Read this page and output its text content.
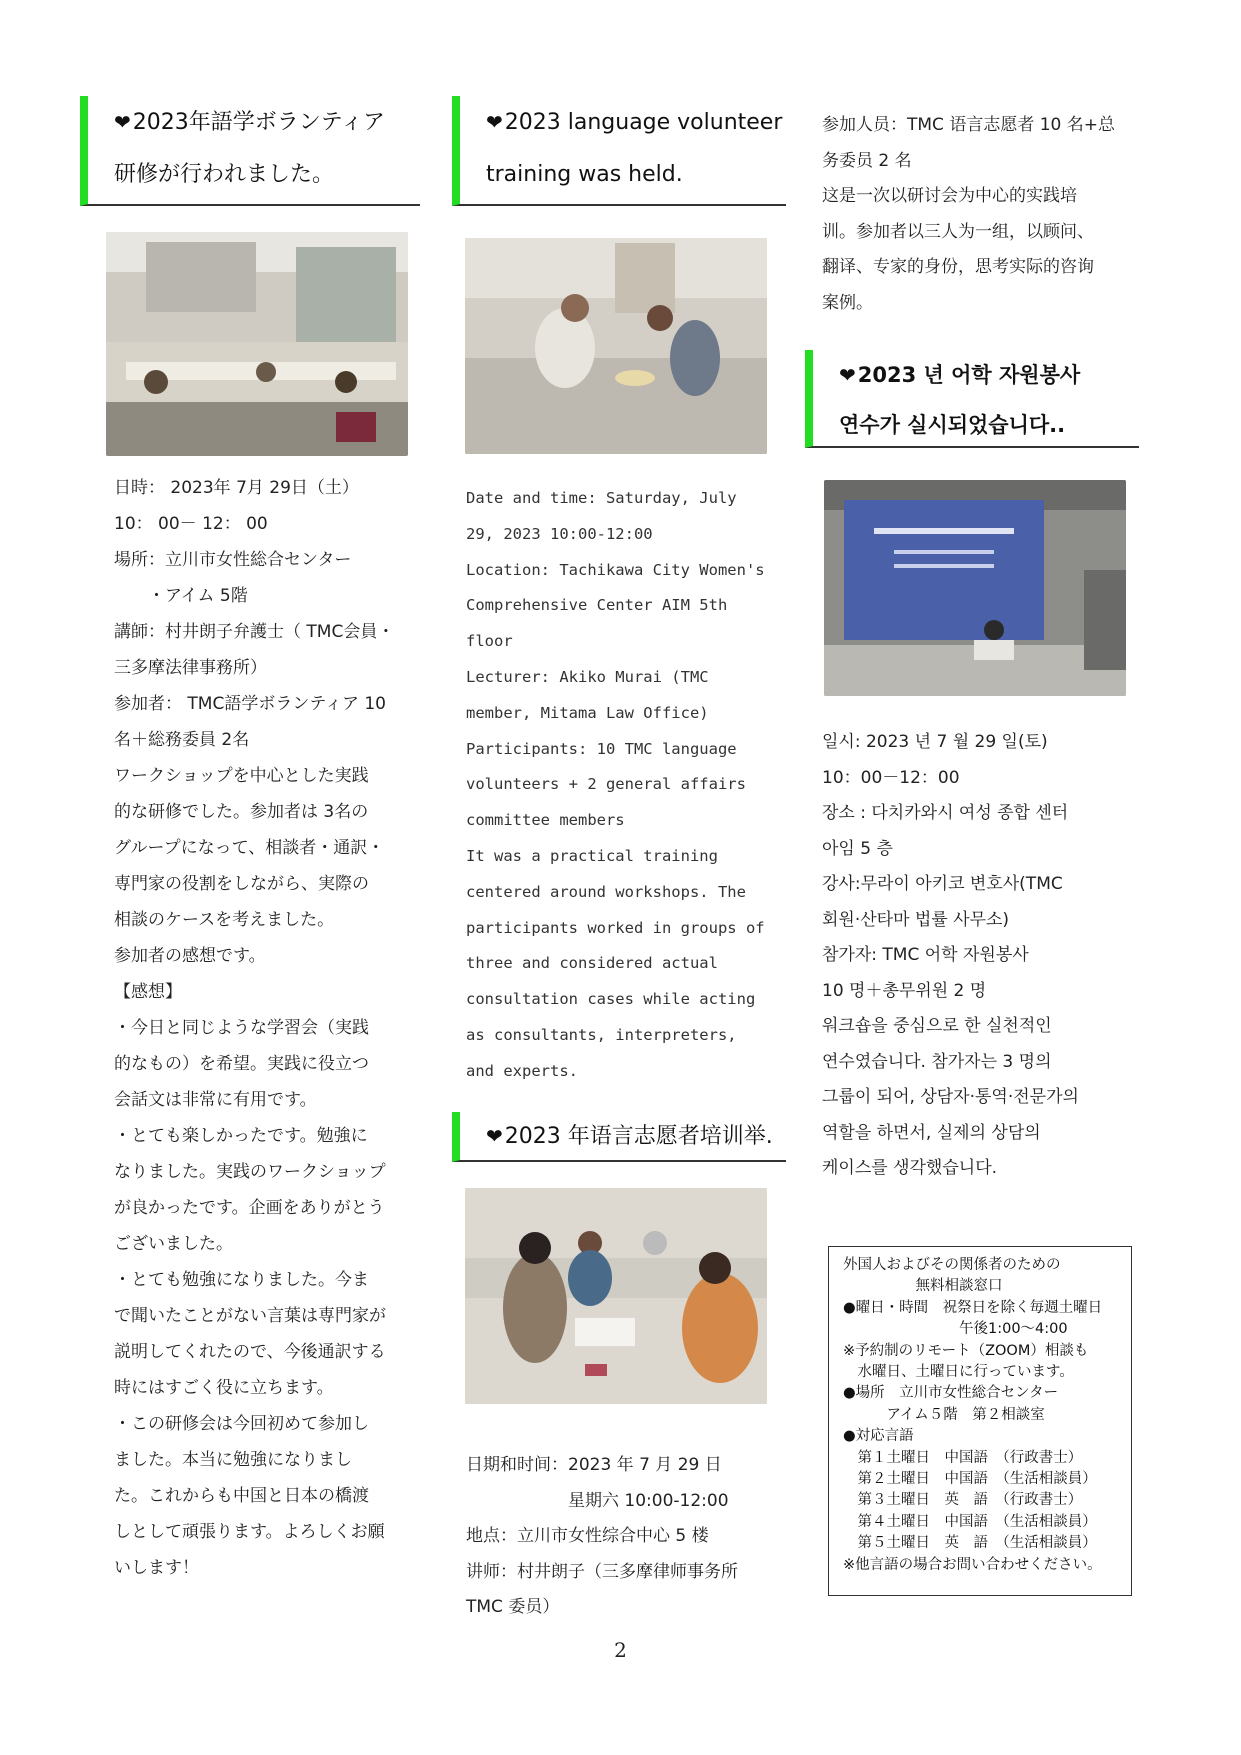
❤2023年語学ボランティア
研修が行われました。
日時： 2023年 7月 29日（土）
10： 00－ 12： 00
場所：立川市女性総合センター
　　・アイム 5階
講師：村井朗子弁護士（ TMC会員・
三多摩法律事務所）
参加者： TMC語学ボランティア 10
名＋総務委員 2名
ワークショップを中心とした実践
的な研修でした。参加者は 3名の
グループになって、相談者・通訳・
専門家の役割をしながら、実際の
相談のケースを考えました。
参加者の感想です。
【感想】
・今日と同じような学習会（実践
的なもの）を希望。実践に役立つ
会話文は非常に有用です。
・とても楽しかったです。勉強に
なりました。実践のワークショップ
が良かったです。企画をありがとう
ございました。
・とても勉強になりました。今ま
で聞いたことがない言葉は専門家が
説明してくれたので、今後通訳する
時にはすごく役に立ちます。
・この研修会は今回初めて参加し
ました。本当に勉強になりまし
た。これからも中国と日本の橋渡
しとして頑張ります。よろしくお願
いします！
❤2023 language volunteer
training was held.
Date and time: Saturday, July
29, 2023 10:00-12:00
Location: Tachikawa City Women's
Comprehensive Center AIM 5th
floor
Lecturer: Akiko Murai (TMC
member, Mitama Law Office)
Participants: 10 TMC language
volunteers + 2 general affairs
committee members
It was a practical training
centered around workshops. The
participants worked in groups of
three and considered actual
consultation cases while acting
as consultants, interpreters,
and experts.
❤2023 年语言志愿者培训举.
日期和时间：2023 年 7 月 29 日
　　　　　　星期六 10:00-12:00
地点：立川市女性综合中心 5 楼
讲师：村井朗子（三多摩律师事务所
TMC 委员）
参加人员：TMC 语言志愿者 10 名+总
务委员 2 名
这是一次以研讨会为中心的实践培
训。参加者以三人为一组，以顾问、
翻译、专家的身份，思考实际的咨询
案例。
❤2023 년 어학 자원봉사
연수가 실시되었습니다..
일시: 2023 년 7 월 29 일(토)
10：00－12：00
장소 : 다치카와시 여성 종합 센터
아임 5 층
강사:무라이 아키코 변호사(TMC
회원·산타마 법률 사무소)
참가자: TMC 어학 자원봉사
10 명＋총무위원 2 명
워크숍을 중심으로 한 실천적인
연수였습니다. 참가자는 3 명의
그룹이 되어, 상담자·통역·전문가의
역할을 하면서, 실제의 상담의
케이스를 생각했습니다.
外国人およびその関係者のための
　　　　　無料相談窓口
●曜日・時間　祝祭日を除く毎週土曜日
　　　　　　　　午後1:00～4:00
※予約制のリモート（ZOOM）相談も
　水曜日、土曜日に行っています。
●場所　立川市女性総合センター
　　　アイム５階　第２相談室
●対応言語
　第１土曜日　中国語　（行政書士）
　第２土曜日　中国語　（生活相談員）
　第３土曜日　英　語　（行政書士）
　第４土曜日　中国語　（生活相談員）
　第５土曜日　英　語　（生活相談員）
※他言語の場合お問い合わせください。
2
